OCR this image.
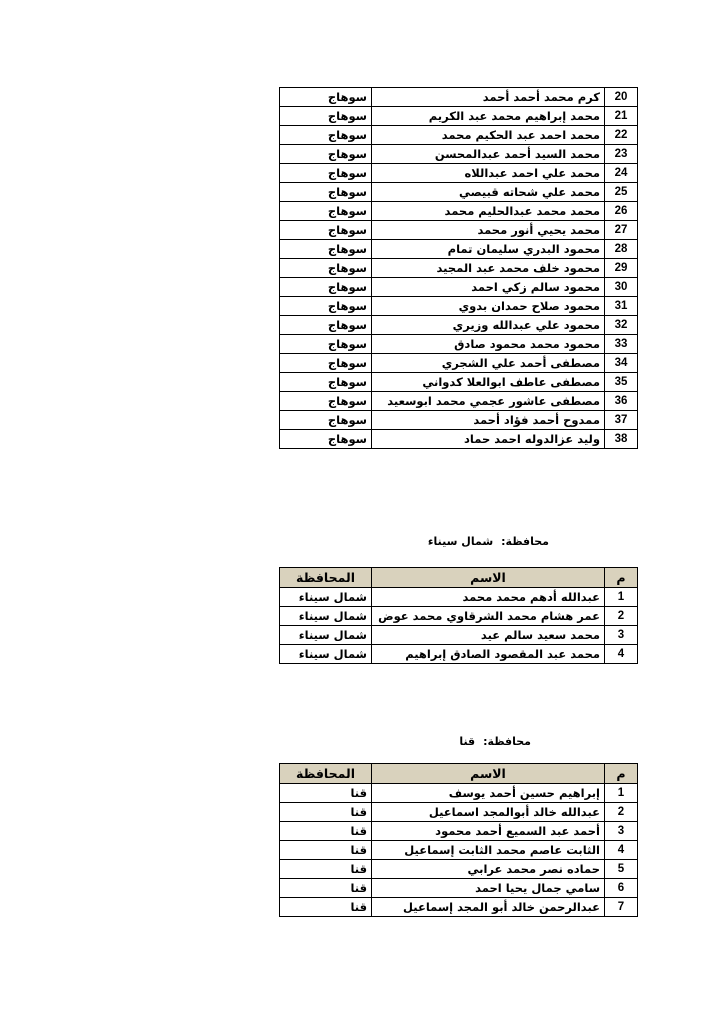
20	كرم محمد أحمد أحمد	سوهاج
21	محمد إبراهيم محمد عبد الكريم	سوهاج
22	محمد احمد عبد الحكيم محمد	سوهاج
23	محمد السيد أحمد عبدالمحسن	سوهاج
24	محمد علي احمد عبداللاه	سوهاج
25	محمد علي شحاته قبيصي	سوهاج
26	محمد محمد عبدالحليم محمد	سوهاج
27	محمد يحيي أنور محمد	سوهاج
28	محمود البدري سليمان تمام	سوهاج
29	محمود خلف محمد عبد المجيد	سوهاج
30	محمود سالم زكي احمد	سوهاج
31	محمود صلاح حمدان بدوي	سوهاج
32	محمود علي عبدالله وزيري	سوهاج
33	محمود محمد محمود صادق	سوهاج
34	مصطفى أحمد علي الشجري	سوهاج
35	مصطفى عاطف ابوالعلا كدواني	سوهاج
36	مصطفى عاشور عجمي محمد ابوسعيد	سوهاج
37	ممدوح أحمد فؤاد أحمد	سوهاج
38	وليد عزالدوله احمد حماد	سوهاج
محافظة:شمال سيناء
م	الاسم	المحافظة
1	عبدالله أدهم محمد محمد	شمال سيناء
2	عمر هشام محمد الشرقاوي محمد عوض	شمال سيناء
3	محمد سعيد سالم عيد	شمال سيناء
4	محمد عبد المقصود الصادق إبراهيم	شمال سيناء
محافظة:قنا
م	الاسم	المحافظة
1	إبراهيم حسين أحمد يوسف	قنا
2	عبدالله خالد أبوالمجد اسماعيل	قنا
3	أحمد عبد السميع أحمد محمود	قنا
4	الثابت عاصم محمد الثابت إسماعيل	قنا
5	حماده نصر محمد عرابي	قنا
6	سامي جمال يحيا احمد	قنا
7	عبدالرحمن خالد أبو المجد إسماعيل	قنا
